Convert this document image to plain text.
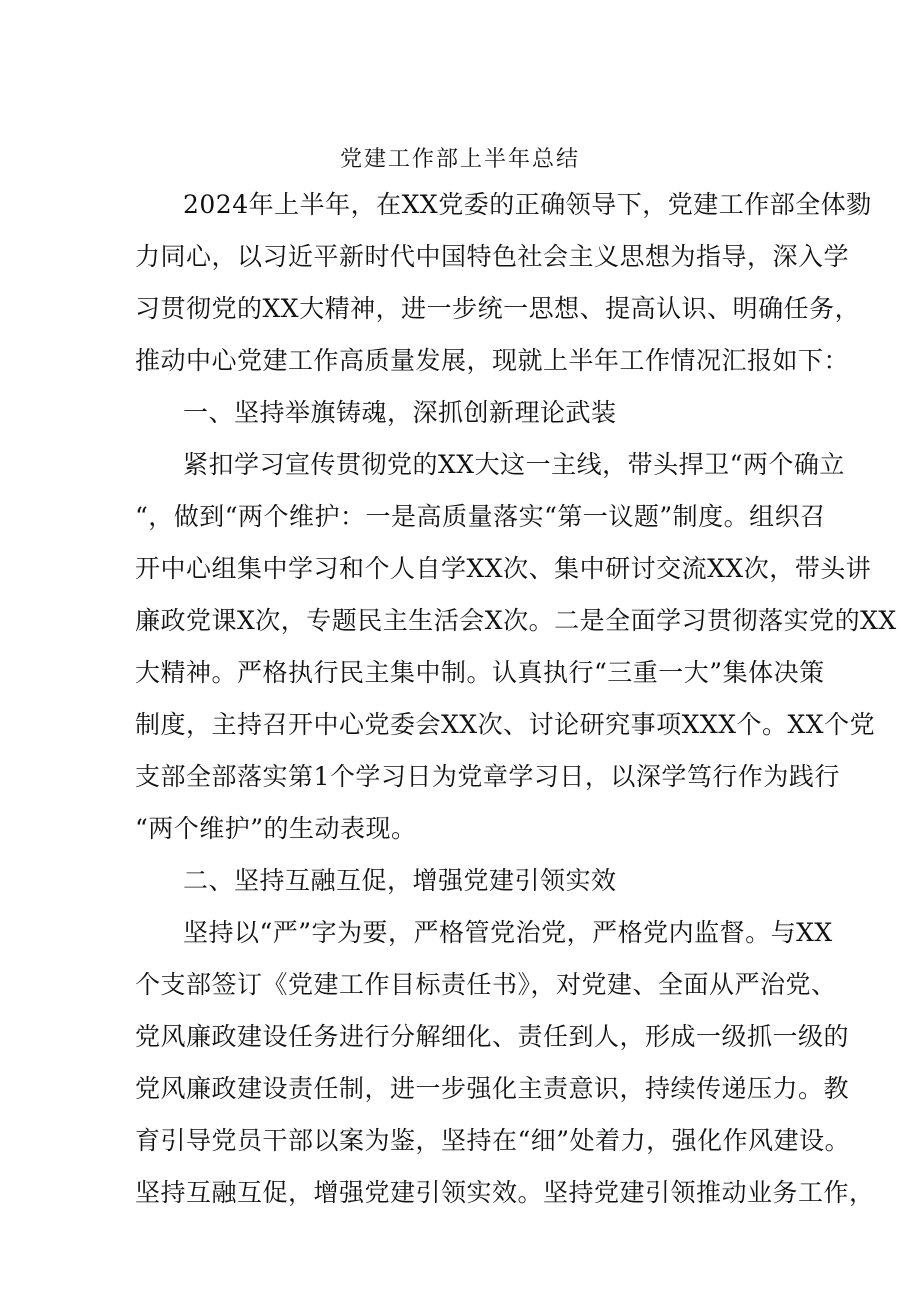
党建工作部上半年总结

2024年上半年，在XX党委的正确领导下，党建工作部全体勠

力同心，以习近平新时代中国特色社会主义思想为指导，深入学

习贯彻党的XX大精神，进一步统一思想、提高认识、明确任务，

推动中心党建工作高质量发展，现就上半年工作情况汇报如下：

一、坚持举旗铸魂，深抓创新理论武装

紧扣学习宣传贯彻党的XX大这一主线，带头捍卫“两个确立

“，做到“两个维护：一是高质量落实“第一议题”制度。组织召

开中心组集中学习和个人自学XX次、集中研讨交流XX次，带头讲

廉政党课X次，专题民主生活会X次。二是全面学习贯彻落实党的XX

大精神。严格执行民主集中制。认真执行“三重一大”集体决策

制度，主持召开中心党委会XX次、讨论研究事项XXX个。XX个党

支部全部落实第1个学习日为党章学习日，以深学笃行作为践行

“两个维护”的生动表现。

二、坚持互融互促，增强党建引领实效

坚持以“严”字为要，严格管党治党，严格党内监督。与XX

个支部签订《党建工作目标责任书》，对党建、全面从严治党、

党风廉政建设任务进行分解细化、责任到人，形成一级抓一级的

党风廉政建设责任制，进一步强化主责意识，持续传递压力。教

育引导党员干部以案为鉴，坚持在“细”处着力，强化作风建设。

坚持互融互促，增强党建引领实效。坚持党建引领推动业务工作，
